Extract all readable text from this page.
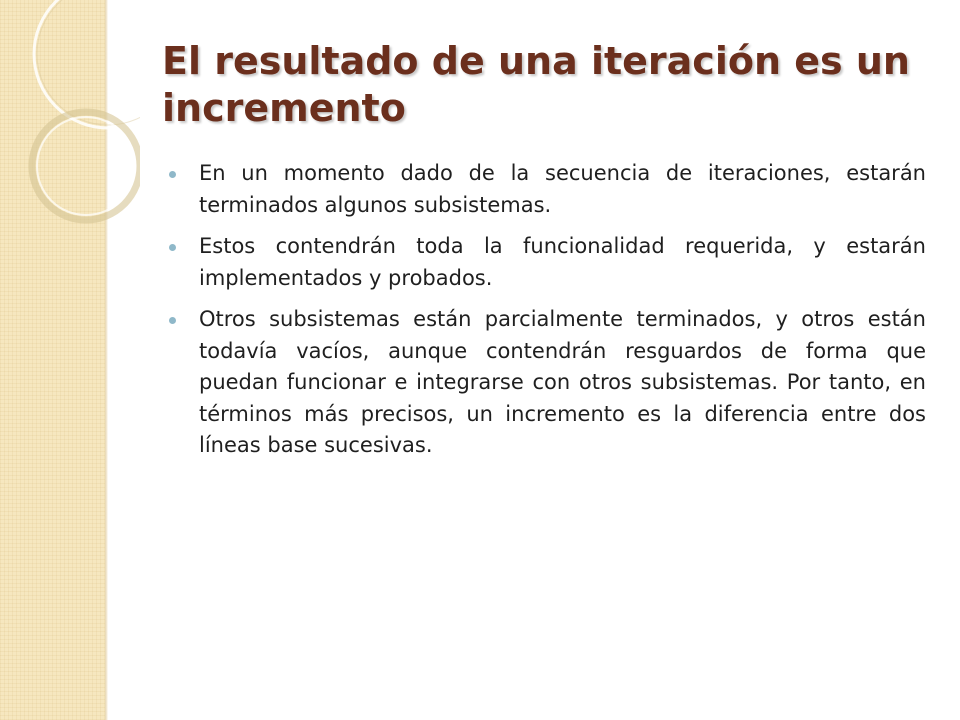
El resultado de una iteración es un incremento
En un momento dado de la secuencia de iteraciones, estarán terminados algunos subsistemas.
Estos contendrán toda la funcionalidad requerida, y estarán implementados y probados.
Otros subsistemas están parcialmente terminados, y otros están todavía vacíos, aunque contendrán resguardos de forma que puedan funcionar e integrarse con otros subsistemas. Por tanto, en términos más precisos, un incremento es la diferencia entre dos líneas base sucesivas.
